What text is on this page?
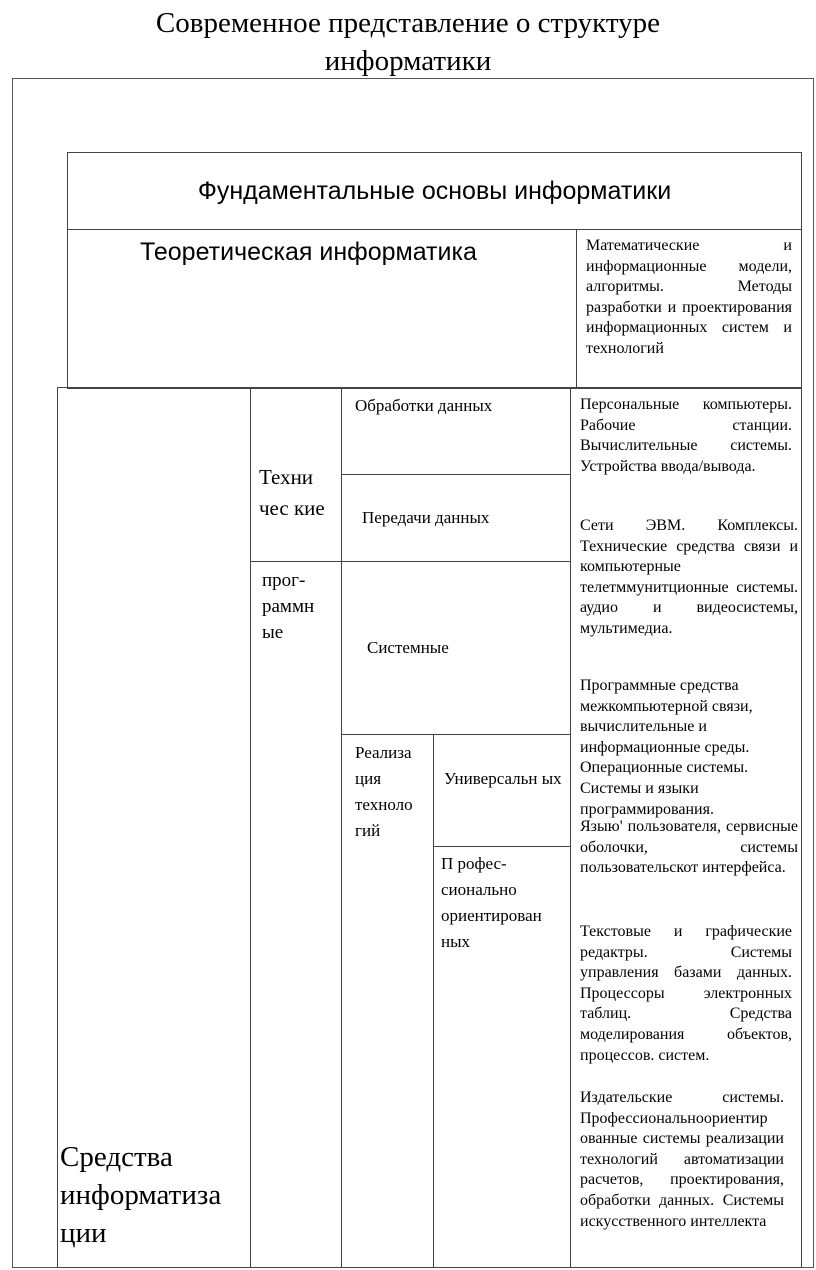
Современное представление о структуре
информатики
Фундаментальные основы информатики
Теоретическая информатика	Математические и информационные модели, алгоритмы. Методы разработки и проектирования информационных систем и технологий
Средства информатиза ции
Техни чес кие
Обработки данных
Передачи данных
прог- раммн ые
Системные
Реализа ция техноло гий
Универсальн ых
П рофес- сионально ориентирован ных
Персональные компьютеры. Рабочие станции. Вычислительные системы. Устройства ввода/вывода.
Сети ЭВМ. Комплексы. Технические средства связи и компьютерные телетммунитционные системы. аудио и видеосистемы, мультимедиа.
Программные средства межкомпьютерной связи, вычислительные и информационные среды. Операционные системы. Системы и языки программирования.
Языю' пользователя, сервисные оболочки, системы пользовательскот интерфейса.
Текстовые и графические редактры. Системы управления базами данных. Процессоры электронных таблиц. Средства моделирования объектов, процессов. систем.
Издательские системы. Профессиональноориентир ованные системы реализации технологий автоматизации расчетов, проектирования, обработки данных. Системы искусственного интеллекта
